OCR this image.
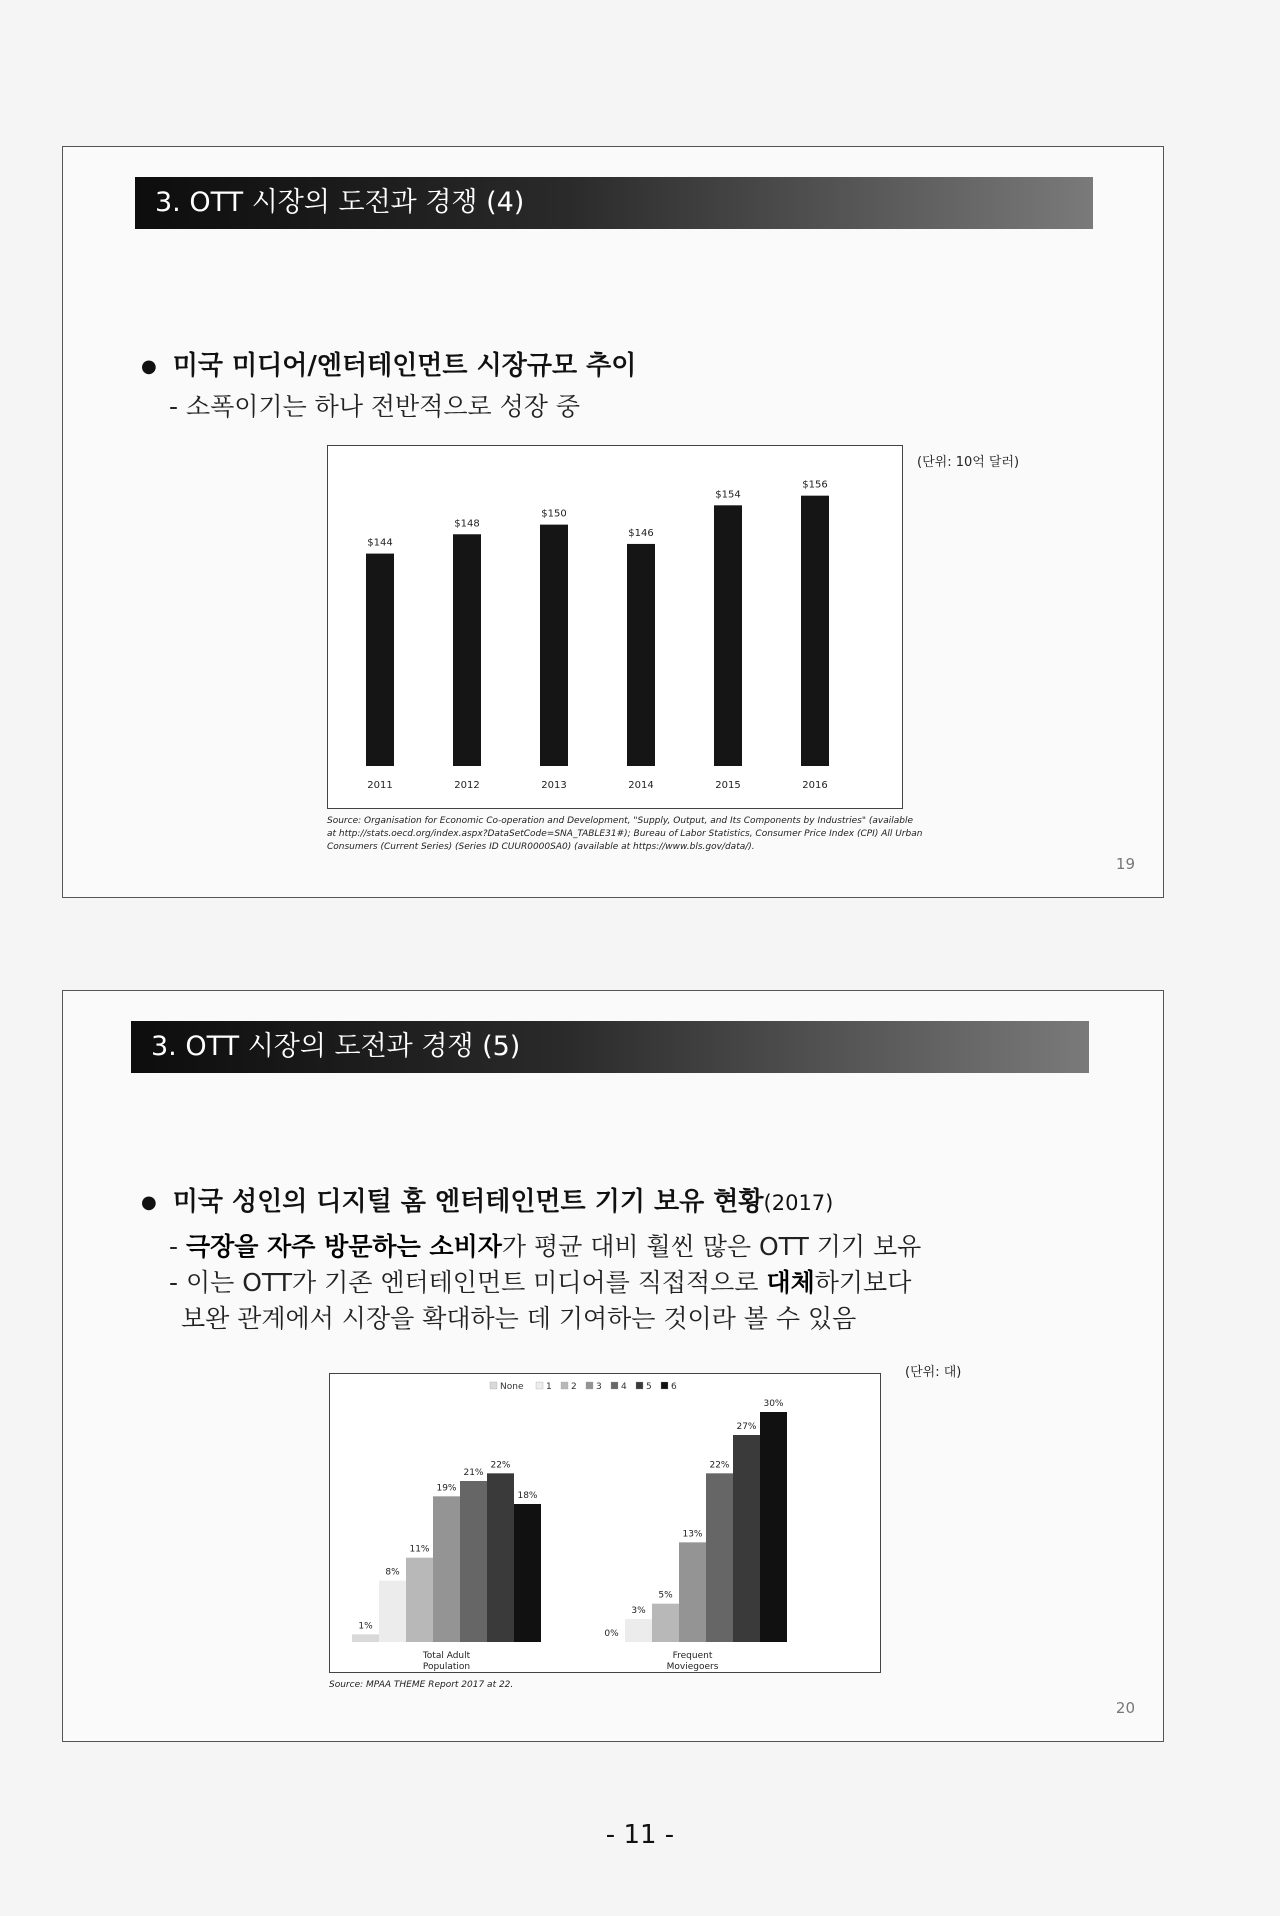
3. OTT 시장의 도전과 경쟁 (4)
● 미국 미디어/엔터테인먼트 시장규모 추이
- 소폭이기는 하나 전반적으로 성장 중
(단위: 10억 달러)
$144
2011
$148
2012
$150
2013
$146
2014
$154
2015
$156
2016
Source: Organisation for Economic Co-operation and Development, "Supply, Output, and Its Components by Industries" (available
at http://stats.oecd.org/index.aspx?DataSetCode=SNA_TABLE31#); Bureau of Labor Statistics, Consumer Price Index (CPI) All Urban
Consumers (Current Series) (Series ID CUUR0000SA0) (available at https://www.bls.gov/data/).
19
3. OTT 시장의 도전과 경쟁 (5)
● 미국 성인의 디지털 홈 엔터테인먼트 기기 보유 현황(2017)
- 극장을 자주 방문하는 소비자가 평균 대비 훨씬 많은 OTT 기기 보유
- 이는 OTT가 기존 엔터테인먼트 미디어를 직접적으로 대체하기보다
보완 관계에서 시장을 확대하는 데 기여하는 것이라 볼 수 있음
(단위: 대)
None	1 2 3 4 5 6
1%
0%
8%
3%
11%
5%
19%
13%
21%
22%
22%
27%
18%
30%
Total Adult
Population
Frequent
Moviegoers
Source: MPAA THEME Report 2017 at 22.
20
- 11 -
